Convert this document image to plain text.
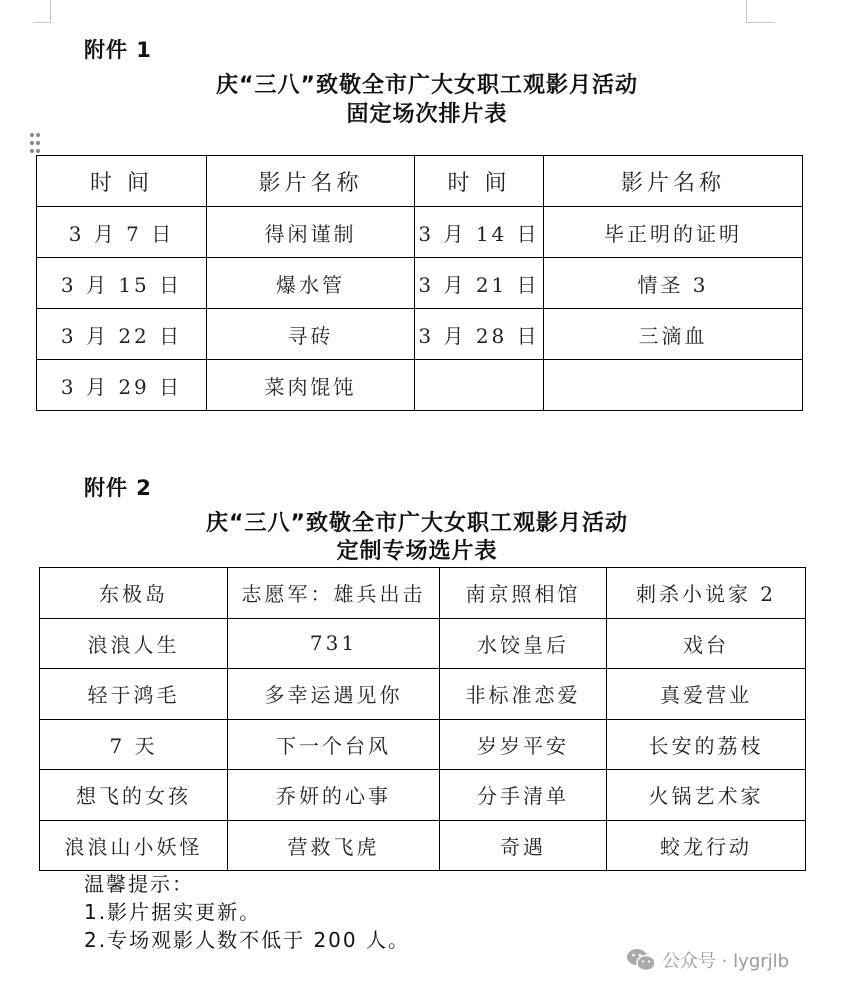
附件 1
庆“三八”致敬全市广大女职工观影月活动
固定场次排片表
时 间	影片名称	时 间	影片名称
3 月 7 日	得闲谨制	3 月 14 日	毕正明的证明
3 月 15 日	爆水管	3 月 21 日	情圣 3
3 月 22 日	寻砖	3 月 28 日	三滴血
3 月 29 日	菜肉馄饨		
附件 2
庆“三八”致敬全市广大女职工观影月活动
定制专场选片表
东极岛	志愿军：雄兵出击	南京照相馆	刺杀小说家 2
浪浪人生	731	水饺皇后	戏台
轻于鸿毛	多幸运遇见你	非标准恋爱	真爱营业
7 天	下一个台风	岁岁平安	长安的荔枝
想飞的女孩	乔妍的心事	分手清单	火锅艺术家
浪浪山小妖怪	营救飞虎	奇遇	蛟龙行动
温馨提示：
1.影片据实更新。
2.专场观影人数不低于 200 人。
公众号 · lygrjlb
